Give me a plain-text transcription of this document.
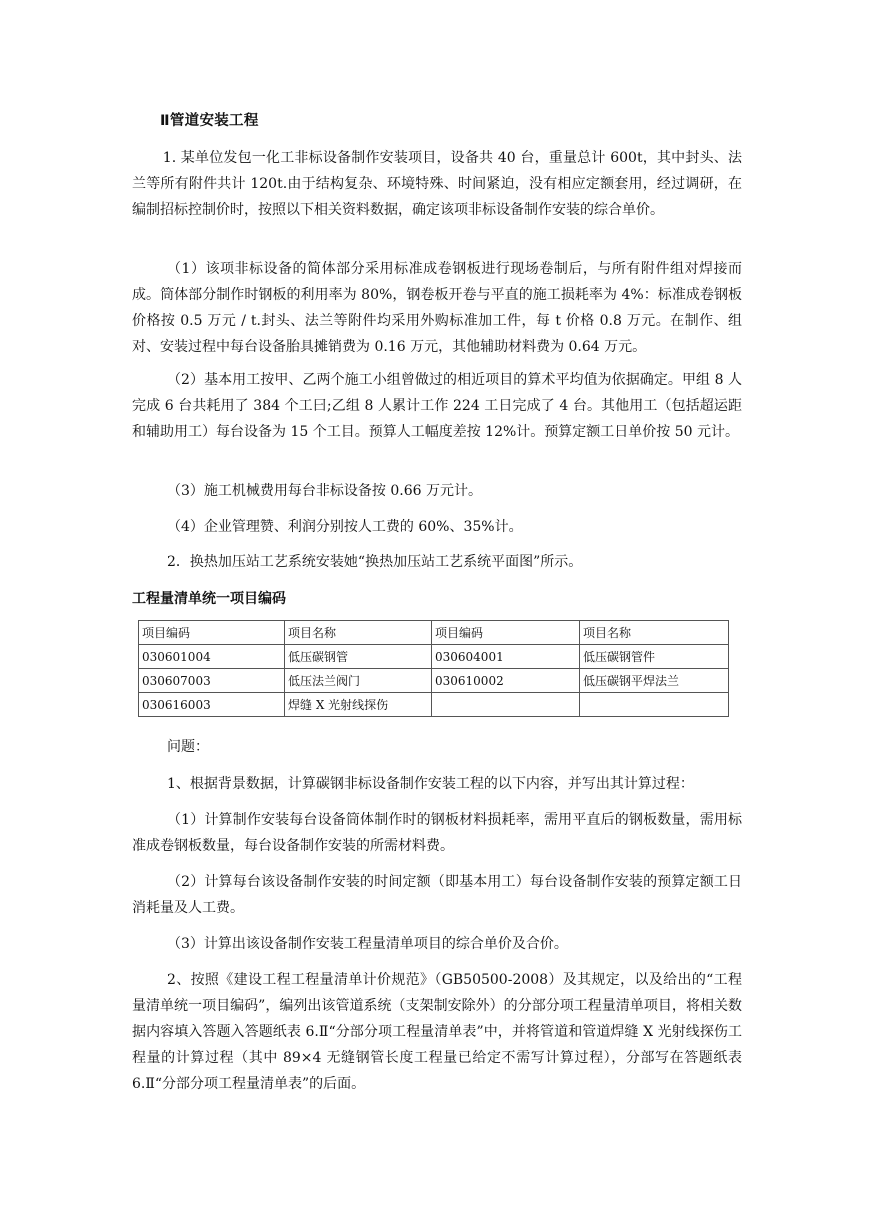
Ⅱ管道安装工程

1. 某单位发包一化工非标设备制作安装项目，设备共 40 台，重量总计 600t，其中封头、法兰等所有附件共计 120t.由于结构复杂、环境特殊、时间紧迫，没有相应定额套用，经过调研，在编制招标控制价时，按照以下相关资料数据，确定该项非标设备制作安装的综合单价。

（1）该项非标设备的简体部分采用标准成卷钢板进行现场卷制后，与所有附件组对焊接而成。筒体部分制作时钢板的利用率为 80%，钢卷板开卷与平直的施工损耗率为 4%：标准成卷钢板价格按 0.5 万元 / t.封头、法兰等附件均采用外购标准加工件，每 t 价格 0.8 万元。在制作、组对、安装过程中每台设备胎具摊销费为 0.16 万元，其他辅助材料费为 0.64 万元。

（2）基本用工按甲、乙两个施工小组曾做过的相近项目的算术平均值为依据确定。甲组 8 人完成 6 台共耗用了 384 个工曰;乙组 8 人累计工作 224 工日完成了 4 台。其他用工（包括超运距和辅助用工）每台设备为 15 个工目。预算人工幅度差按 12%计。预算定额工日单价按 50 元计。

（3）施工机械费用每台非标设备按 0.66 万元计。

（4）企业管理赞、利润分别按人工费的 60%、35%计。

2．换热加压站工艺系统安装她“换热加压站工艺系统平面图”所示。

工程量清单统一项目编码
项目编码	项目名称	项目编码	项目名称
030601004	低压碳钢管	030604001	低压碳钢管件
030607003	低压法兰阀门	030610002	低压碳钢平焊法兰
030616003	焊缝 X 光射线探伤		

问题：

1、根据背景数据，计算碳钢非标设备制作安装工程的以下内容，并写出其计算过程：

（1）计算制作安装每台设备筒体制作时的钢板材料损耗率，需用平直后的钢板数量，需用标准成卷钢板数量，每台设备制作安装的所需材料费。

（2）计算每台该设备制作安装的时间定额（即基本用工）每台设备制作安装的预算定额工日消耗量及人工费。

（3）计算出该设备制作安装工程量清单项目的综合单价及合价。

2、按照《建设工程工程量清单计价规范》（GB50500-2008）及其规定，以及给出的“工程量清单统一项目编码”，编列出该管道系统（支架制安除外）的分部分项工程量清单项目，将相关数据内容填入答题入答题纸表 6.Ⅱ“分部分项工程量清单表”中，并将管道和管道焊缝 X 光射线探伤工程量的计算过程（其中 89×4 无缝钢管长度工程量已给定不需写计算过程），分部写在答题纸表 6.Ⅱ“分部分项工程量清单表”的后面。
